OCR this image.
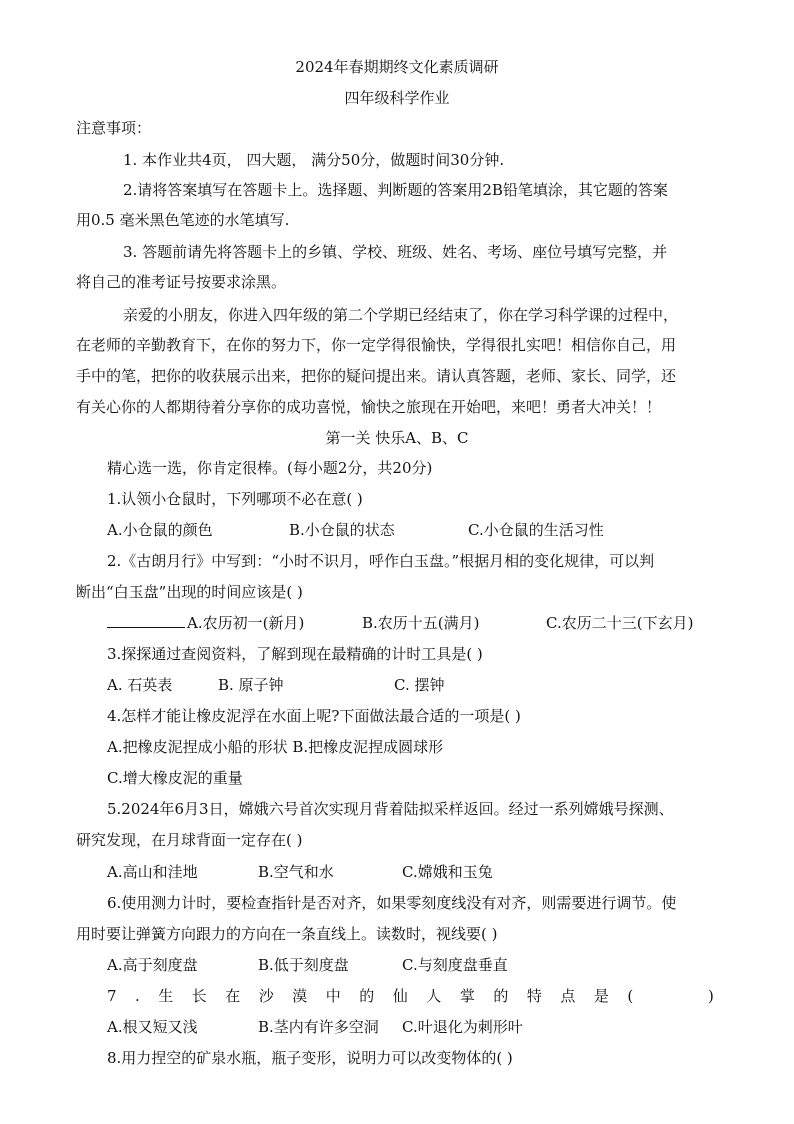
2024年春期期终文化素质调研
四年级科学作业
注意事项：
1. 本作业共4页， 四大题， 满分50分，做题时间30分钟.
2.请将答案填写在答题卡上。选择题、判断题的答案用2B铅笔填涂，其它题的答案
用0.5 毫米黑色笔迹的水笔填写.
3. 答题前请先将答题卡上的乡镇、学校、班级、姓名、考场、座位号填写完整，并
将自己的准考证号按要求涂黑。
亲爱的小朋友，你进入四年级的第二个学期已经结束了，你在学习科学课的过程中，
在老师的辛勤教育下，在你的努力下，你一定学得很愉快，学得很扎实吧！相信你自己，用
手中的笔，把你的收获展示出来，把你的疑问提出来。请认真答题，老师、家长、同学，还
有关心你的人都期待着分享你的成功喜悦，愉快之旅现在开始吧，来吧！勇者大冲关！！
第一关 快乐A、B、C
精心选一选，你肯定很棒。(每小题2分，共20分)
1.认领小仓鼠时，下列哪项不必在意( )
A.小仓鼠的颜色	B.小仓鼠的状态	C.小仓鼠的生活习性
2.《古朗月行》中写到：“小时不识月，呼作白玉盘。”根据月相的变化规律，可以判
断出“白玉盘”出现的时间应该是( )
A.农历初一(新月)	B.农历十五(满月)	C.农历二十三(下玄月)
3.探探通过查阅资料，了解到现在最精确的计时工具是( )
A. 石英表	B. 原子钟	C. 摆钟
4.怎样才能让橡皮泥浮在水面上呢?下面做法最合适的一项是( )
A.把橡皮泥捏成小船的形状 B.把橡皮泥捏成圆球形
C.增大橡皮泥的重量
5.2024年6月3日，嫦娥六号首次实现月背着陆拟采样返回。经过一系列嫦娥号探测、
研究发现，在月球背面一定存在( )
A.高山和洼地	B.空气和水	C.嫦娥和玉兔
6.使用测力计时，要检查指针是否对齐，如果零刻度线没有对齐，则需要进行调节。使
用时要让弹簧方向跟力的方向在一条直线上。读数时，视线要( )
A.高于刻度盘	B.低于刻度盘	C.与刻度盘垂直
7.生长在沙漠中的仙人掌的特点是(	)
A.根又短又浅	B.茎内有许多空洞 C.叶退化为刺形叶
8.用力捏空的矿泉水瓶，瓶子变形，说明力可以改变物体的( )
